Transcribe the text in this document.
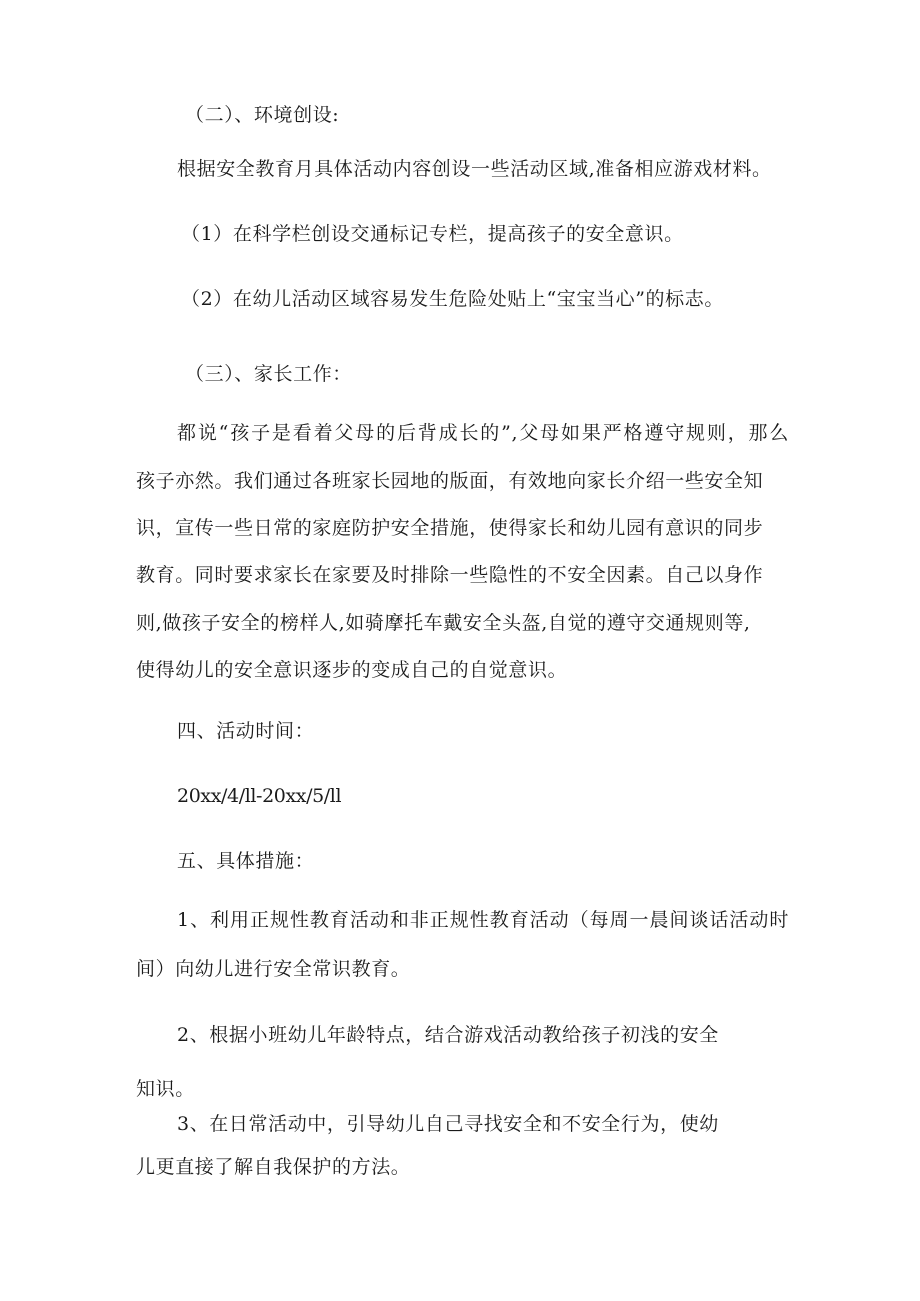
（二）、环境创设:
根据安全教育月具体活动内容创设一些活动区域,准备相应游戏材料。
（1）在科学栏创设交通标记专栏，提高孩子的安全意识。
（2）在幼儿活动区域容易发生危险处贴上“宝宝当心”的标志。
（三）、家长工作：
都说“孩子是看着父母的后背成长的”,父母如果严格遵守规则，那么
孩子亦然。我们通过各班家长园地的版面，有效地向家长介绍一些安全知
识，宣传一些日常的家庭防护安全措施，使得家长和幼儿园有意识的同步
教育。同时要求家长在家要及时排除一些隐性的不安全因素。自己以身作
则,做孩子安全的榜样人,如骑摩托车戴安全头盔,自觉的遵守交通规则等,
使得幼儿的安全意识逐步的变成自己的自觉意识。
四、活动时间：
20xx/4/ll-20xx/5/ll
五、具体措施：
1、利用正规性教育活动和非正规性教育活动（每周一晨间谈话活动时
间）向幼儿进行安全常识教育。
2、根据小班幼儿年龄特点，结合游戏活动教给孩子初浅的安全
知识。
3、在日常活动中，引导幼儿自己寻找安全和不安全行为，使幼
儿更直接了解自我保护的方法。
